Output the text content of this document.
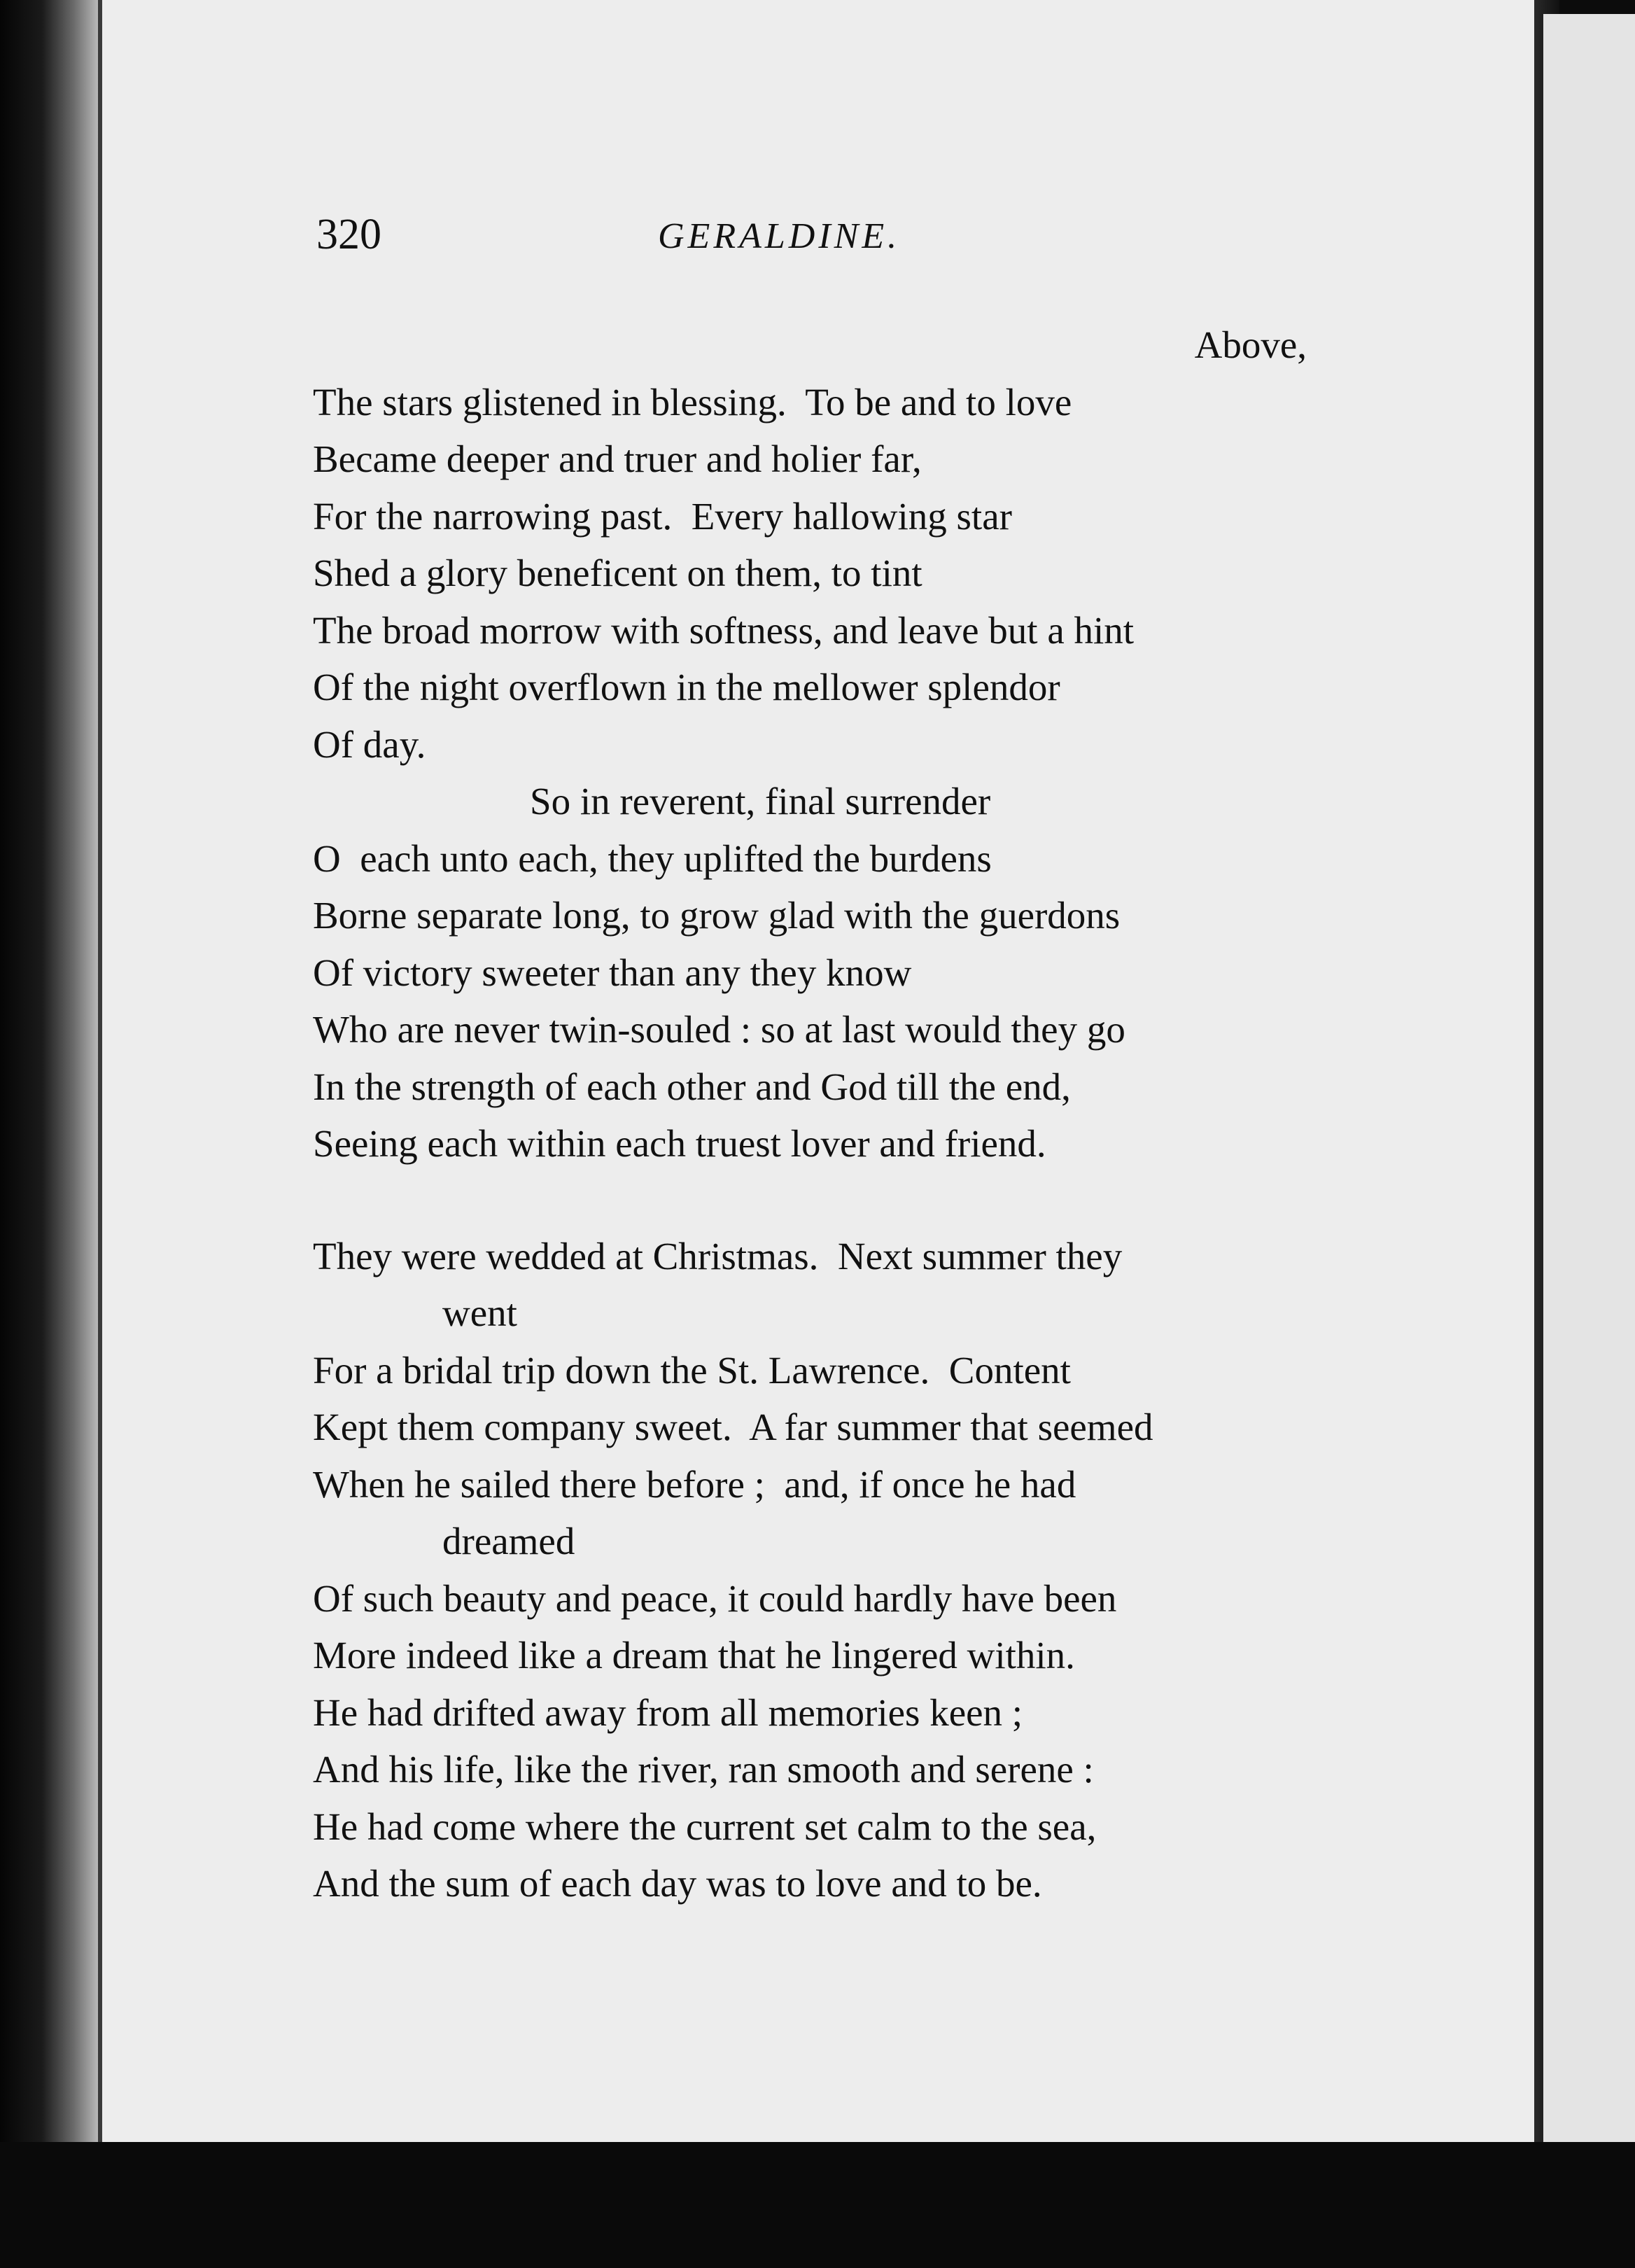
320	GERALDINE.
Above,
The stars glistened in blessing.  To be and to love
Became deeper and truer and holier far,
For the narrowing past.  Every hallowing star
Shed a glory beneficent on them, to tint
The broad morrow with softness, and leave but a hint
Of the night overflown in the mellower splendor
Of day.
So in reverent, final surrender
O  each unto each, they uplifted the burdens
Borne separate long, to grow glad with the guerdons
Of victory sweeter than any they know
Who are never twin-souled : so at last would they go
In the strength of each other and God till the end,
Seeing each within each truest lover and friend.
They were wedded at Christmas.  Next summer they
went
For a bridal trip down the St. Lawrence.  Content
Kept them company sweet.  A far summer that seemed
When he sailed there before ;  and, if once he had
dreamed
Of such beauty and peace, it could hardly have been
More indeed like a dream that he lingered within.
He had drifted away from all memories keen ;
And his life, like the river, ran smooth and serene :
He had come where the current set calm to the sea,
And the sum of each day was to love and to be.
